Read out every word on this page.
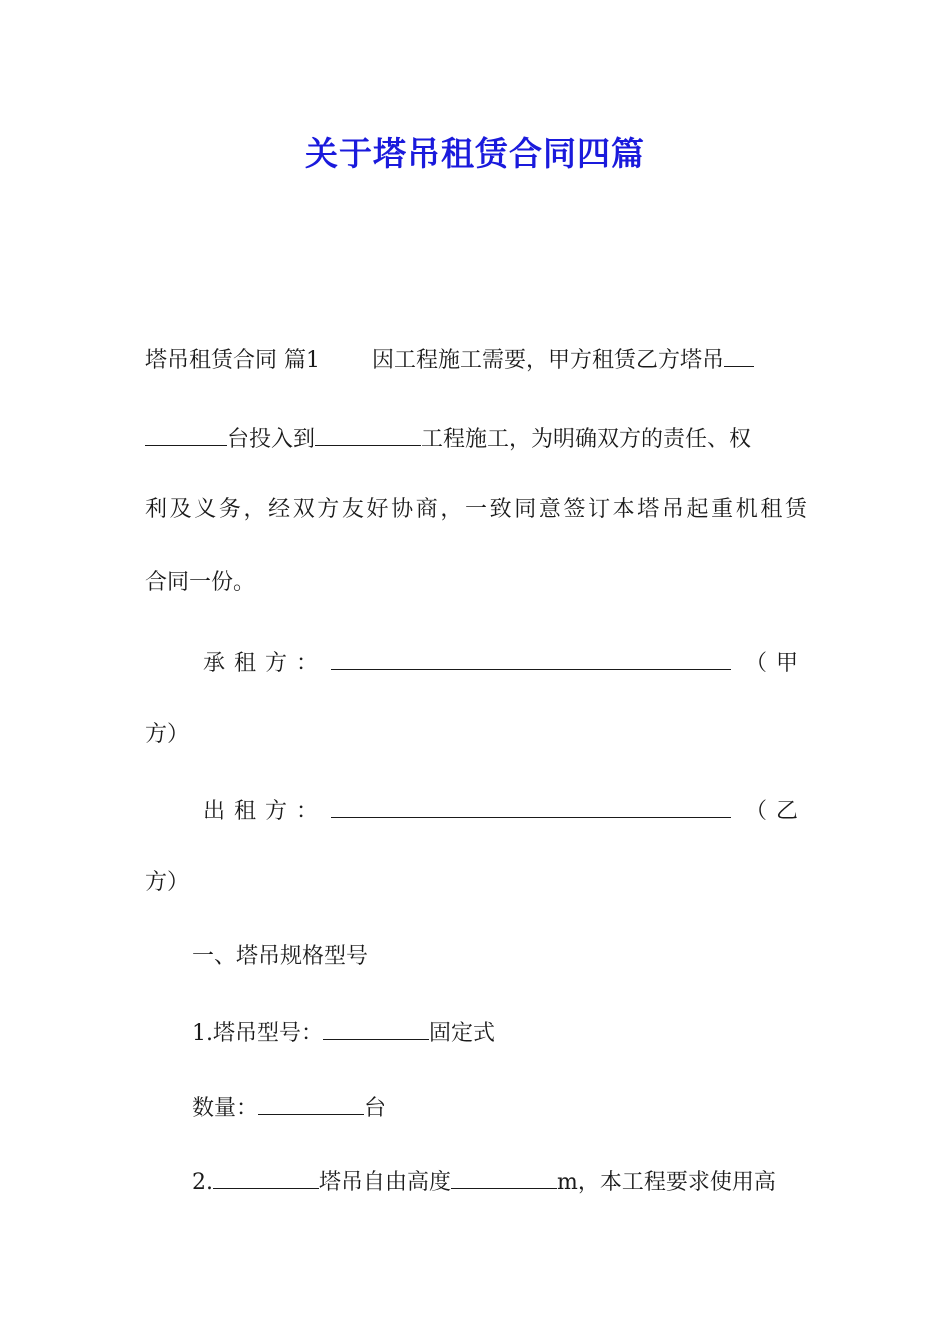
关于塔吊租赁合同四篇
塔吊租赁合同 篇1 因工程施工需要，甲方租赁乙方塔吊
台投入到	工程施工，为明确双方的责任、权
利及义务，经双方友好协商，一致同意签订本塔吊起重机租赁
合同一份。
承租方：	（甲
方）
出租方：	（乙
方）
一、塔吊规格型号
1.塔吊型号：	固定式
数量：	台
2.	塔吊自由高度	m，本工程要求使用高
